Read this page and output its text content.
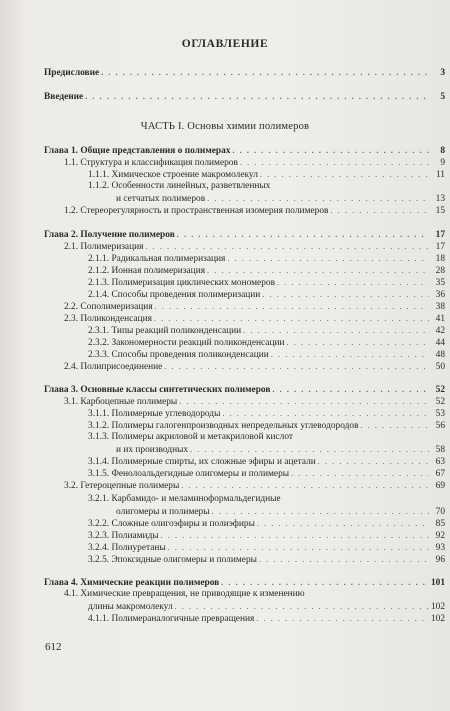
ОГЛАВЛЕНИЕ
Предисловие . . .	3
Введение . . .	5
ЧАСТЬ I. Основы химии полимеров
Глава 1. Общие представления о полимерах . . .	8
1.1. Структура и классификация полимеров . . .	9
1.1.1. Химическое строение макромолекул . . .	11
1.1.2. Особенности линейных, разветвленных
и сетчатых полимеров . . .	13
1.2. Стереорегулярность и пространственная изомерия полимеров . . .	15
Глава 2. Получение полимеров . . .	17
2.1. Полимеризация . . .	17
2.1.1. Радикальная полимеризация . . .	18
2.1.2. Ионная полимеризация . . .	28
2.1.3. Полимеризация циклических мономеров . . .	35
2.1.4. Способы проведения полимеризации . . .	36
2.2. Сополимеризация . . .	38
2.3. Поликонденсация . . .	41
2.3.1. Типы реакций поликонденсации . . .	42
2.3.2. Закономерности реакций поликонденсации . . .	44
2.3.3. Способы проведения поликонденсации . . .	48
2.4. Полиприсоединение . . .	50
Глава 3. Основные классы синтетических полимеров . . .	52
3.1. Карбоцепные полимеры . . .	52
3.1.1. Полимерные углеводороды . . .	53
3.1.2. Полимеры галогенпроизводных непредельных углеводородов . . .	56
3.1.3. Полимеры акриловой и метакриловой кислот
и их производных . . .	58
3.1.4. Полимерные спирты, их сложные эфиры и ацетали . . .	63
3.1.5. Фенолоальдегидные олигомеры и полимеры . . .	67
3.2. Гетероцепные полимеры . . .	69
3.2.1. Карбамидо- и меламиноформальдегидные
олигомеры и полимеры . . .	70
3.2.2. Сложные олигоэфиры и полиэфиры . . .	85
3.2.3. Полиамиды . . .	92
3.2.4. Полиуретаны . . .	93
3.2.5. Эпоксидные олигомеры и полимеры . . .	96
Глава 4. Химические реакции полимеров . . .	101
4.1. Химические превращения, не приводящие к изменению
длины макромолекул . . .	102
4.1.1. Полимераналогичные превращения . . .	102
612
